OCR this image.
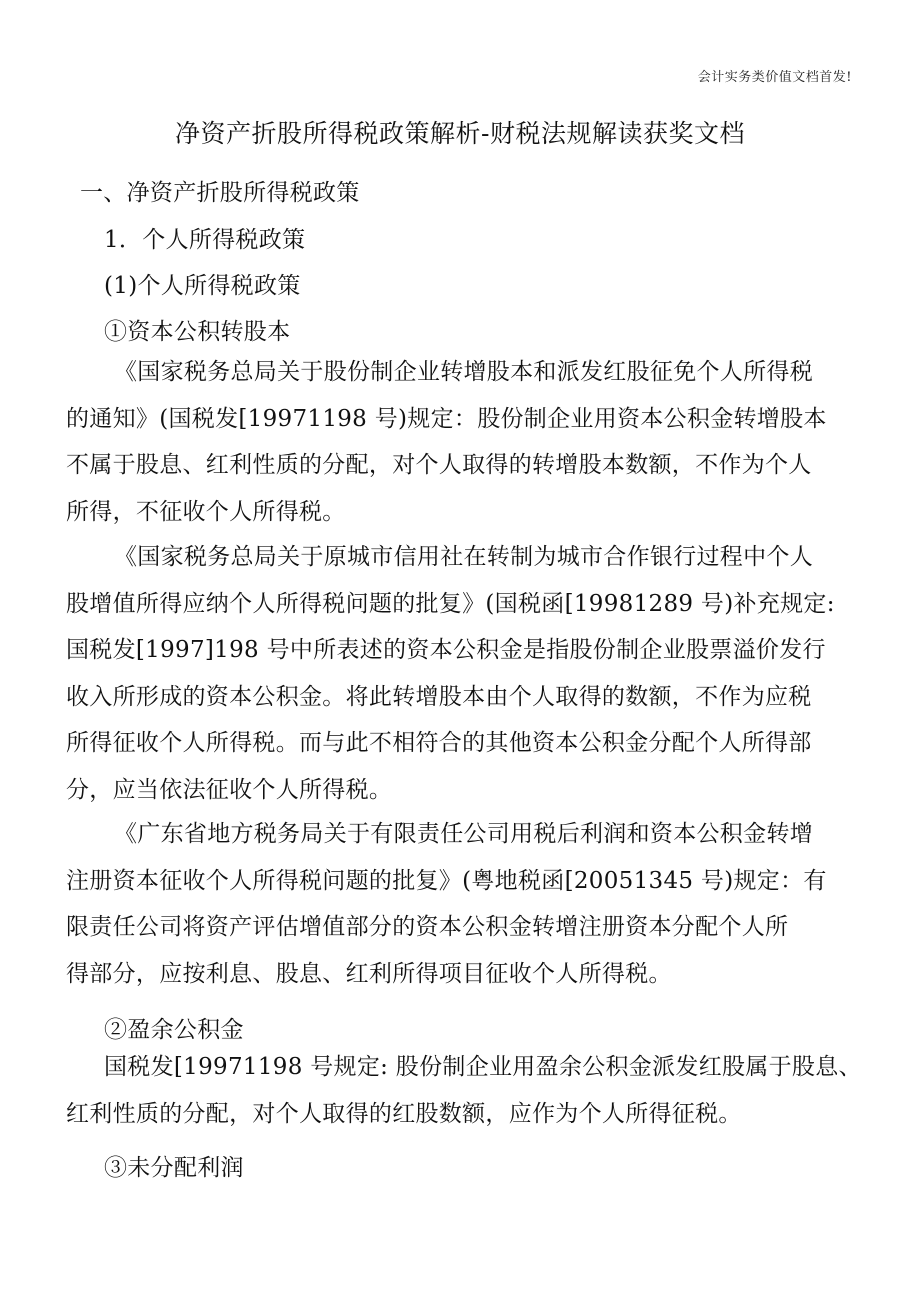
会计实务类价值文档首发!
净资产折股所得税政策解析-财税法规解读获奖文档

一、净资产折股所得税政策

1．个人所得税政策

(1)个人所得税政策

①资本公积转股本

《国家税务总局关于股份制企业转增股本和派发红股征免个人所得税
的通知》(国税发[19971198 号)规定：股份制企业用资本公积金转增股本
不属于股息、红利性质的分配，对个人取得的转增股本数额，不作为个人
所得，不征收个人所得税。
《国家税务总局关于原城市信用社在转制为城市合作银行过程中个人
股增值所得应纳个人所得税问题的批复》(国税函[19981289 号)补充规定:
国税发[1997]198 号中所表述的资本公积金是指股份制企业股票溢价发行
收入所形成的资本公积金。将此转增股本由个人取得的数额，不作为应税
所得征收个人所得税。而与此不相符合的其他资本公积金分配个人所得部
分，应当依法征收个人所得税。
《广东省地方税务局关于有限责任公司用税后利润和资本公积金转增
注册资本征收个人所得税问题的批复》(粤地税函[20051345 号)规定：有
限责任公司将资产评估增值部分的资本公积金转增注册资本分配个人所
得部分，应按利息、股息、红利所得项目征收个人所得税。

②盈余公积金

国税发[19971198 号规定: 股份制企业用盈余公积金派发红股属于股息、
红利性质的分配，对个人取得的红股数额，应作为个人所得征税。

③未分配利润
